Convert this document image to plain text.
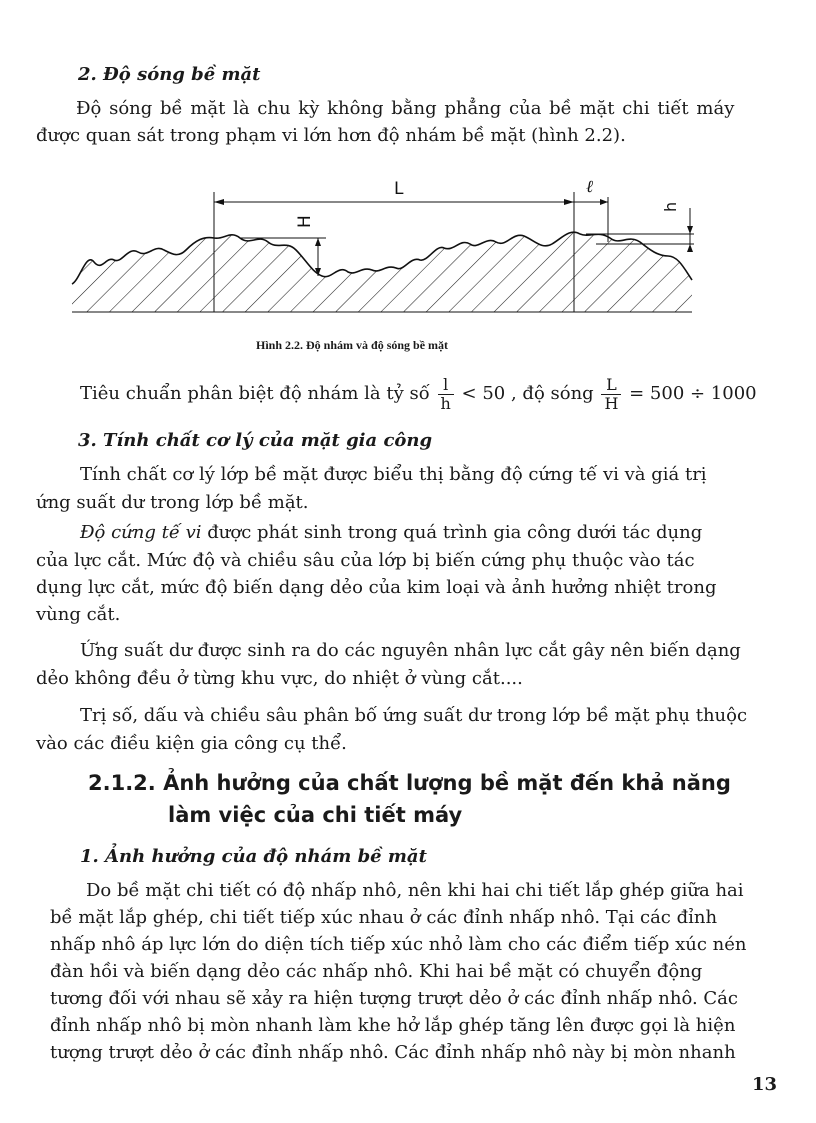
2. Độ sóng bề mặt
Độ sóng bề mặt là chu kỳ không bằng phẳng của bề mặt chi tiết máy
được quan sát trong phạm vi lớn hơn độ nhám bề mặt (hình 2.2).
L	ℓ
H
h
Hình 2.2. Độ nhám và độ sóng bề mặt
Tiêu chuẩn phân biệt độ nhám là tỷ số $\frac{l}{h} < 50$ , độ sóng $\frac{L}{H} = 500 \div 1000$
3. Tính chất cơ lý của mặt gia công
Tính chất cơ lý lớp bề mặt được biểu thị bằng độ cứng tế vi và giá trị
ứng suất dư trong lớp bề mặt.
Độ cứng tế vi được phát sinh trong quá trình gia công dưới tác dụng
của lực cắt. Mức độ và chiều sâu của lớp bị biến cứng phụ thuộc vào tác
dụng lực cắt, mức độ biến dạng dẻo của kim loại và ảnh hưởng nhiệt trong
vùng cắt.
Ứng suất dư được sinh ra do các nguyên nhân lực cắt gây nên biến dạng
dẻo không đều ở từng khu vực, do nhiệt ở vùng cắt....
Trị số, dấu và chiều sâu phân bố ứng suất dư trong lớp bề mặt phụ thuộc
vào các điều kiện gia công cụ thể.
2.1.2. Ảnh hưởng của chất lượng bề mặt đến khả năng
làm việc của chi tiết máy
1. Ảnh hưởng của độ nhám bề mặt
Do bề mặt chi tiết có độ nhấp nhô, nên khi hai chi tiết lắp ghép giữa hai
bề mặt lắp ghép, chi tiết tiếp xúc nhau ở các đỉnh nhấp nhô. Tại các đỉnh
nhấp nhô áp lực lớn do diện tích tiếp xúc nhỏ làm cho các điểm tiếp xúc nén
đàn hồi và biến dạng dẻo các nhấp nhô. Khi hai bề mặt có chuyển động
tương đối với nhau sẽ xảy ra hiện tượng trượt dẻo ở các đỉnh nhấp nhô. Các
đỉnh nhấp nhô bị mòn nhanh làm khe hở lắp ghép tăng lên được gọi là hiện
tượng trượt dẻo ở các đỉnh nhấp nhô. Các đỉnh nhấp nhô này bị mòn nhanh
13
